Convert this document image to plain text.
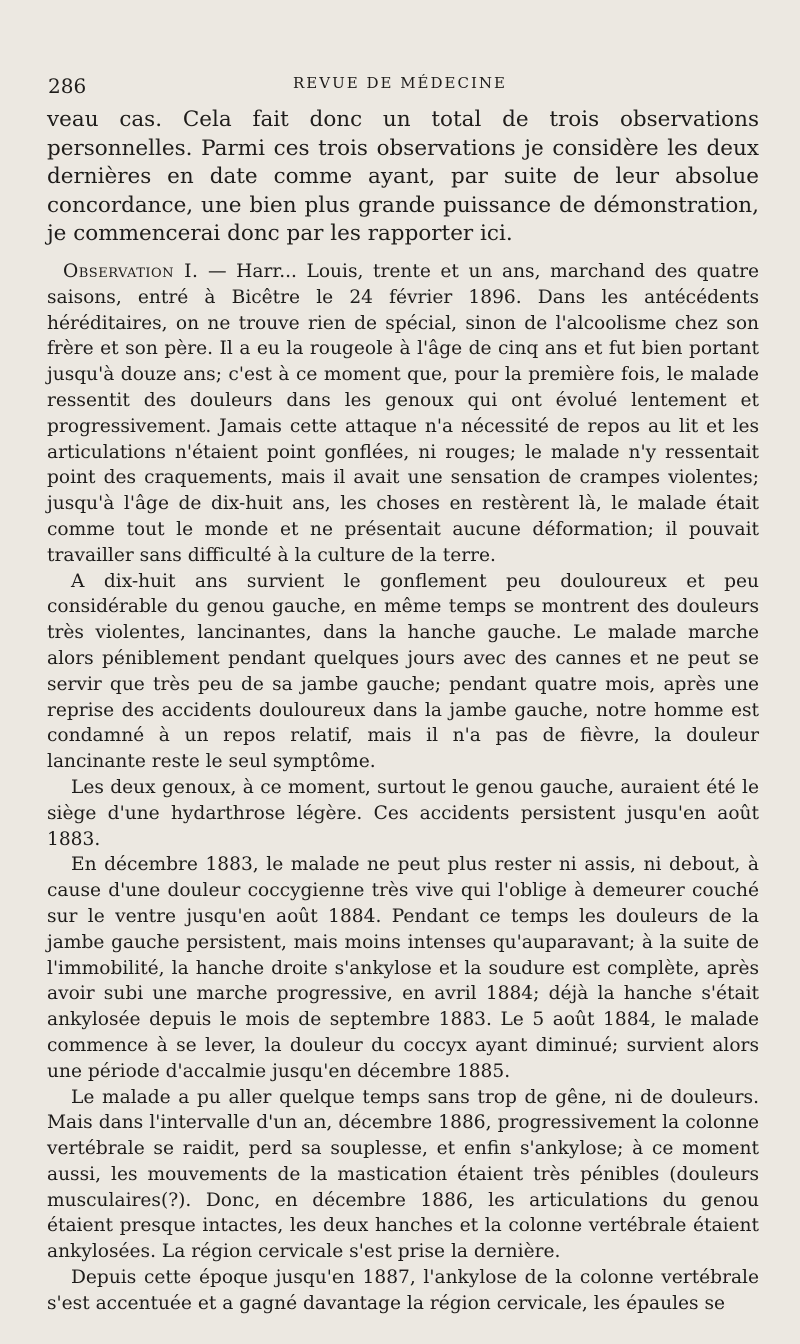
286	REVUE DE MÉDECINE
veau cas. Cela fait donc un total de trois observations personnelles. Parmi ces trois observations je considère les deux dernières en date comme ayant, par suite de leur absolue concordance, une bien plus grande puissance de démonstration, je commencerai donc par les rapporter ici.

Observation I. — Harr... Louis, trente et un ans, marchand des quatre saisons, entré à Bicêtre le 24 février 1896. Dans les antécédents héréditaires, on ne trouve rien de spécial, sinon de l'alcoolisme chez son frère et son père. Il a eu la rougeole à l'âge de cinq ans et fut bien portant jusqu'à douze ans; c'est à ce moment que, pour la première fois, le malade ressentit des douleurs dans les genoux qui ont évolué lentement et progressivement. Jamais cette attaque n'a nécessité de repos au lit et les articulations n'étaient point gonflées, ni rouges; le malade n'y ressentait point des craquements, mais il avait une sensation de crampes violentes; jusqu'à l'âge de dix-huit ans, les choses en restèrent là, le malade était comme tout le monde et ne présentait aucune déformation; il pouvait travailler sans difficulté à la culture de la terre.

A dix-huit ans survient le gonflement peu douloureux et peu considérable du genou gauche, en même temps se montrent des douleurs très violentes, lancinantes, dans la hanche gauche. Le malade marche alors péniblement pendant quelques jours avec des cannes et ne peut se servir que très peu de sa jambe gauche; pendant quatre mois, après une reprise des accidents douloureux dans la jambe gauche, notre homme est condamné à un repos relatif, mais il n'a pas de fièvre, la douleur lancinante reste le seul symptôme.

Les deux genoux, à ce moment, surtout le genou gauche, auraient été le siège d'une hydarthrose légère. Ces accidents persistent jusqu'en août 1883.

En décembre 1883, le malade ne peut plus rester ni assis, ni debout, à cause d'une douleur coccygienne très vive qui l'oblige à demeurer couché sur le ventre jusqu'en août 1884. Pendant ce temps les douleurs de la jambe gauche persistent, mais moins intenses qu'auparavant; à la suite de l'immobilité, la hanche droite s'ankylose et la soudure est complète, après avoir subi une marche progressive, en avril 1884; déjà la hanche s'était ankylosée depuis le mois de septembre 1883. Le 5 août 1884, le malade commence à se lever, la douleur du coccyx ayant diminué; survient alors une période d'accalmie jusqu'en décembre 1885.

Le malade a pu aller quelque temps sans trop de gêne, ni de douleurs. Mais dans l'intervalle d'un an, décembre 1886, progressivement la colonne vertébrale se raidit, perd sa souplesse, et enfin s'ankylose; à ce moment aussi, les mouvements de la mastication étaient très pénibles (douleurs musculaires(?). Donc, en décembre 1886, les articulations du genou étaient presque intactes, les deux hanches et la colonne vertébrale étaient ankylosées. La région cervicale s'est prise la dernière.

Depuis cette époque jusqu'en 1887, l'ankylose de la colonne vertébrale s'est accentuée et a gagné davantage la région cervicale, les épaules se
